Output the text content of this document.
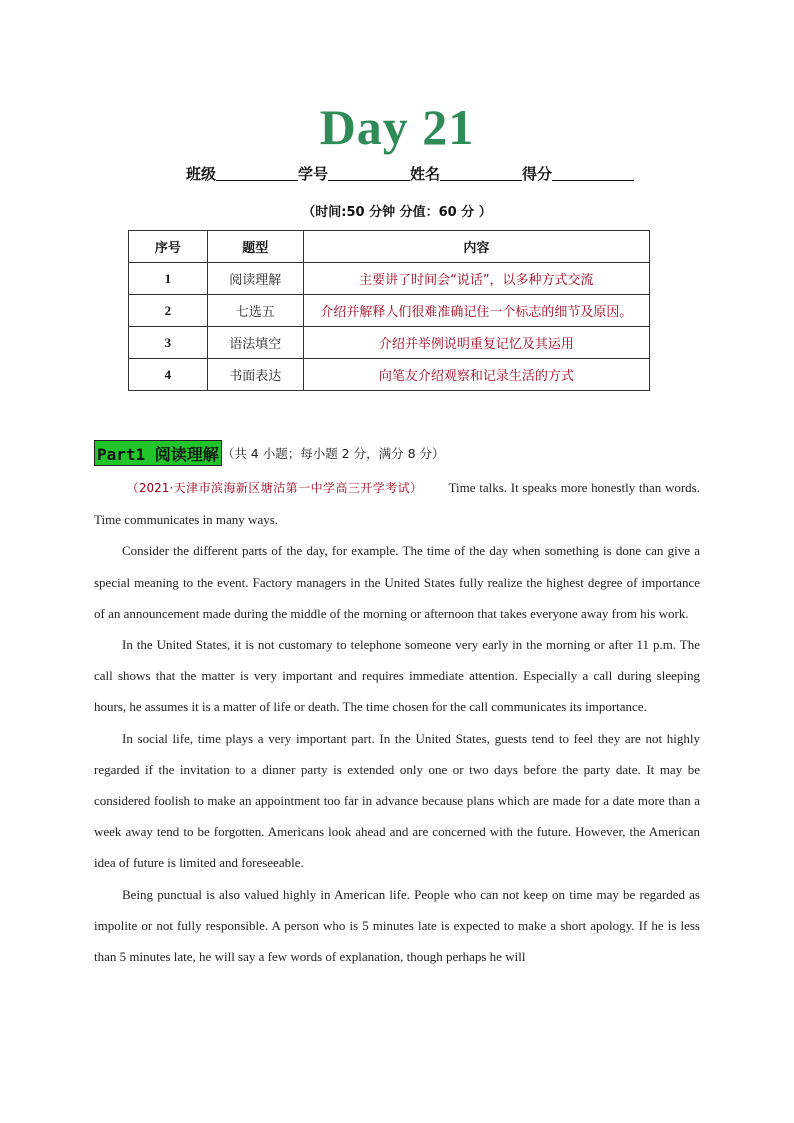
Day 21
班级	学号	姓名	得分
（时间:50 分钟 分值：60 分 ）
序号	题型	内容
1	阅读理解	主要讲了时间会“说话”，以多种方式交流
2	七选五	介绍并解释人们很难准确记住一个标志的细节及原因。
3	语法填空	介绍并举例说明重复记忆及其运用
4	书面表达	向笔友介绍观察和记录生活的方式
Part1 阅读理解 （共 4 小题；每小题 2 分，满分 8 分）

（2021·天津市滨海新区塘沽第一中学高三开学考试） Time talks. It speaks more honestly than words. Time communicates in many ways.

Consider the different parts of the day, for example. The time of the day when something is done can give a special meaning to the event. Factory managers in the United States fully realize the highest degree of importance of an announcement made during the middle of the morning or afternoon that takes everyone away from his work.

In the United States, it is not customary to telephone someone very early in the morning or after 11 p.m. The call shows that the matter is very important and requires immediate attention. Especially a call during sleeping hours, he assumes it is a matter of life or death. The time chosen for the call communicates its importance.

In social life, time plays a very important part. In the United States, guests tend to feel they are not highly regarded if the invitation to a dinner party is extended only one or two days before the party date. It may be considered foolish to make an appointment too far in advance because plans which are made for a date more than a week away tend to be forgotten. Americans look ahead and are concerned with the future. However, the American idea of future is limited and foreseeable.

Being punctual is also valued highly in American life. People who can not keep on time may be regarded as impolite or not fully responsible. A person who is 5 minutes late is expected to make a short apology. If he is less than 5 minutes late, he will say a few words of explanation, though perhaps he will
